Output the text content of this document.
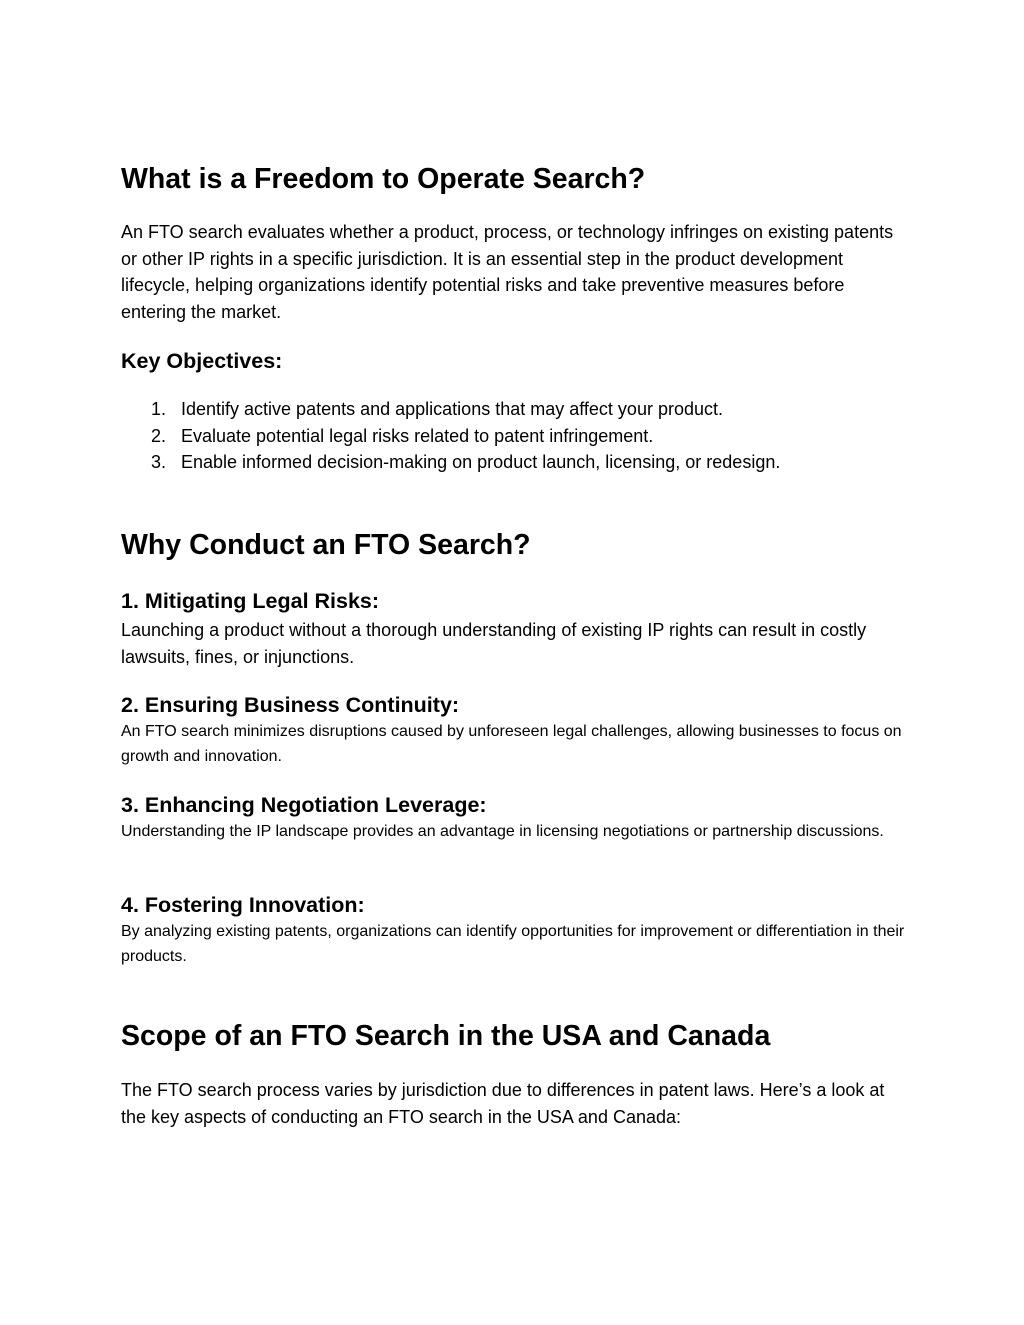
What is a Freedom to Operate Search?

An FTO search evaluates whether a product, process, or technology infringes on existing patents or other IP rights in a specific jurisdiction. It is an essential step in the product development lifecycle, helping organizations identify potential risks and take preventive measures before entering the market.

Key Objectives:
1. Identify active patents and applications that may affect your product.
2. Evaluate potential legal risks related to patent infringement.
3. Enable informed decision-making on product launch, licensing, or redesign.
Why Conduct an FTO Search?
1. Mitigating Legal Risks:

Launching a product without a thorough understanding of existing IP rights can result in costly lawsuits, fines, or injunctions.

2. Ensuring Business Continuity:

An FTO search minimizes disruptions caused by unforeseen legal challenges, allowing businesses to focus on growth and innovation.

3. Enhancing Negotiation Leverage:

Understanding the IP landscape provides an advantage in licensing negotiations or partnership discussions.

4. Fostering Innovation:

By analyzing existing patents, organizations can identify opportunities for improvement or differentiation in their products.

Scope of an FTO Search in the USA and Canada

The FTO search process varies by jurisdiction due to differences in patent laws. Here’s a look at the key aspects of conducting an FTO search in the USA and Canada:
